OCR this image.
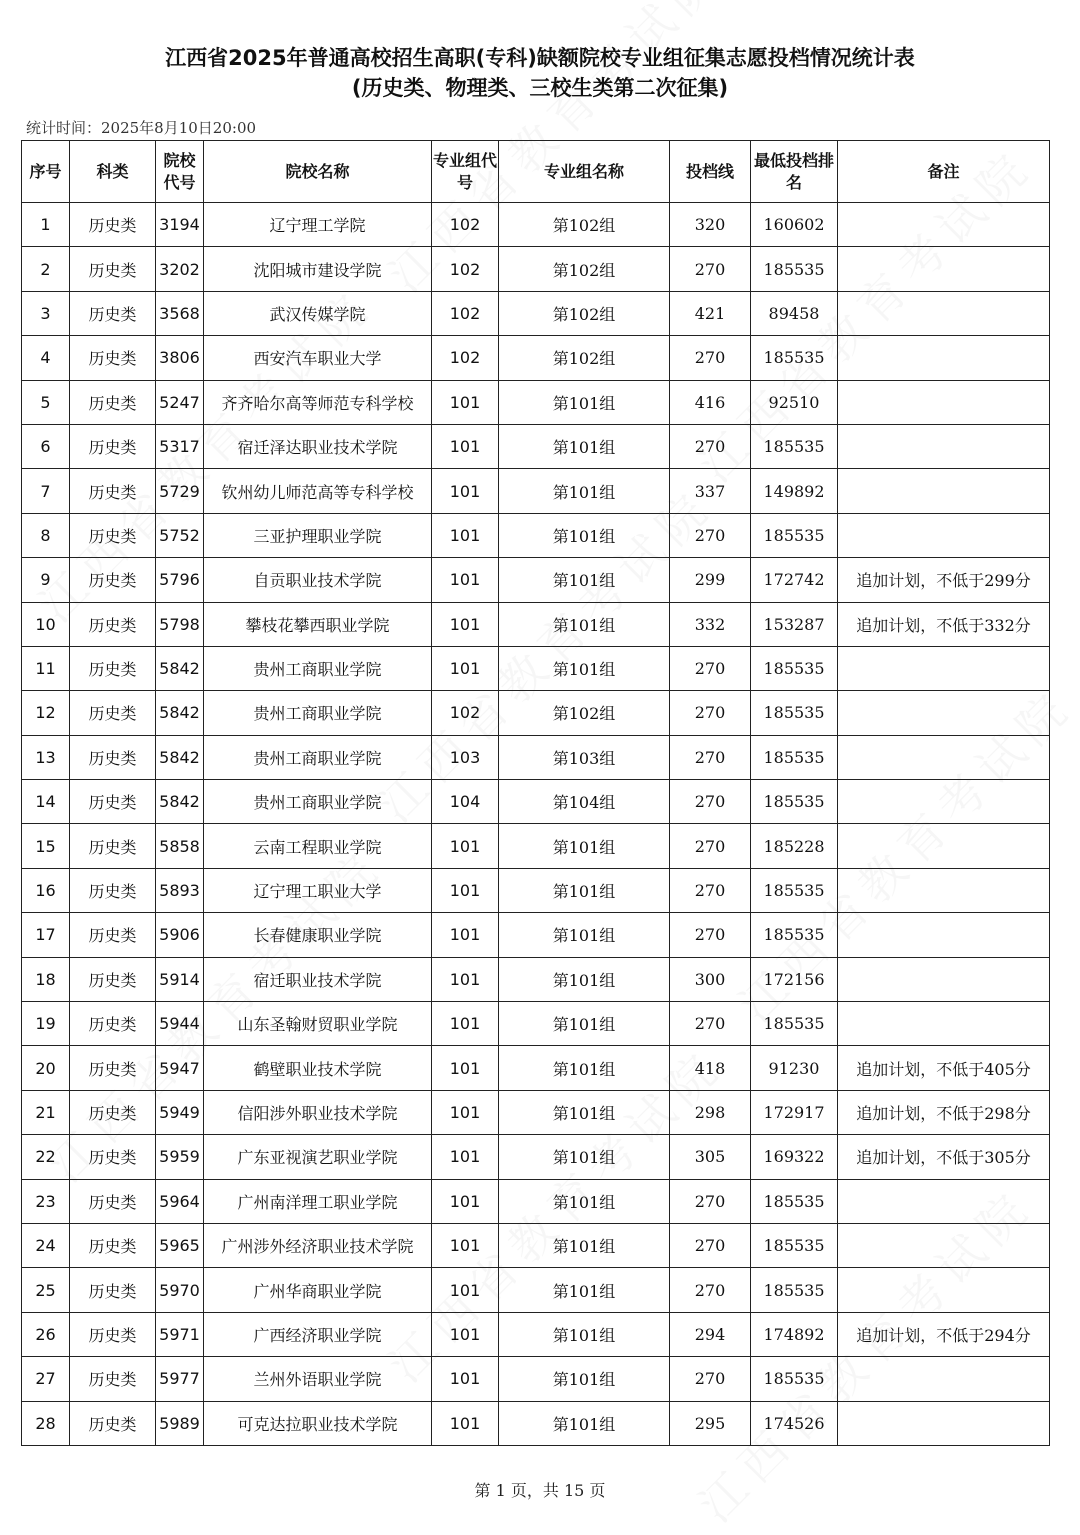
江西省2025年普通高校招生高职(专科)缺额院校专业组征集志愿投档情况统计表
(历史类、物理类、三校生类第二次征集)
统计时间：2025年8月10日20:00
序号	科类	院校代号	院校名称	专业组代号	专业组名称	投档线	最低投档排名	备注
1	历史类	3194	辽宁理工学院	102	第102组	320	160602	
2	历史类	3202	沈阳城市建设学院	102	第102组	270	185535	
3	历史类	3568	武汉传媒学院	102	第102组	421	89458	
4	历史类	3806	西安汽车职业大学	102	第102组	270	185535	
5	历史类	5247	齐齐哈尔高等师范专科学校	101	第101组	416	92510	
6	历史类	5317	宿迁泽达职业技术学院	101	第101组	270	185535	
7	历史类	5729	钦州幼儿师范高等专科学校	101	第101组	337	149892	
8	历史类	5752	三亚护理职业学院	101	第101组	270	185535	
9	历史类	5796	自贡职业技术学院	101	第101组	299	172742	追加计划，不低于299分
10	历史类	5798	攀枝花攀西职业学院	101	第101组	332	153287	追加计划，不低于332分
11	历史类	5842	贵州工商职业学院	101	第101组	270	185535	
12	历史类	5842	贵州工商职业学院	102	第102组	270	185535	
13	历史类	5842	贵州工商职业学院	103	第103组	270	185535	
14	历史类	5842	贵州工商职业学院	104	第104组	270	185535	
15	历史类	5858	云南工程职业学院	101	第101组	270	185228	
16	历史类	5893	辽宁理工职业大学	101	第101组	270	185535	
17	历史类	5906	长春健康职业学院	101	第101组	270	185535	
18	历史类	5914	宿迁职业技术学院	101	第101组	300	172156	
19	历史类	5944	山东圣翰财贸职业学院	101	第101组	270	185535	
20	历史类	5947	鹤壁职业技术学院	101	第101组	418	91230	追加计划，不低于405分
21	历史类	5949	信阳涉外职业技术学院	101	第101组	298	172917	追加计划，不低于298分
22	历史类	5959	广东亚视演艺职业学院	101	第101组	305	169322	追加计划，不低于305分
23	历史类	5964	广州南洋理工职业学院	101	第101组	270	185535	
24	历史类	5965	广州涉外经济职业技术学院	101	第101组	270	185535	
25	历史类	5970	广州华商职业学院	101	第101组	270	185535	
26	历史类	5971	广西经济职业学院	101	第101组	294	174892	追加计划，不低于294分
27	历史类	5977	兰州外语职业学院	101	第101组	270	185535	
28	历史类	5989	可克达拉职业技术学院	101	第101组	295	174526	
第 1 页，共 15 页
